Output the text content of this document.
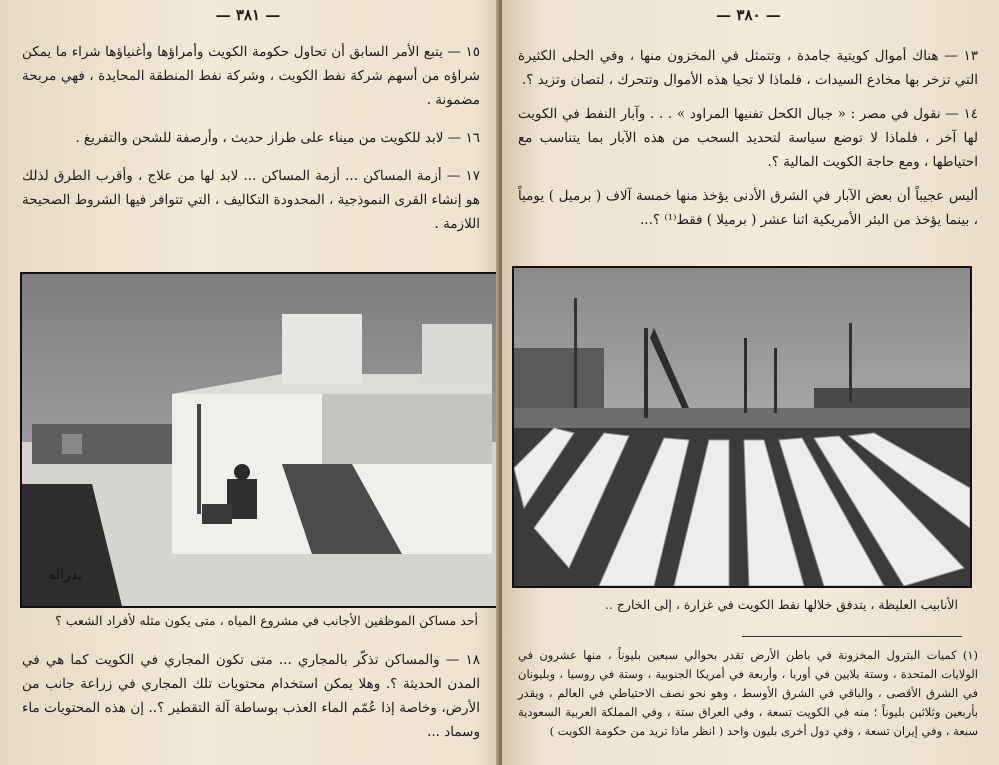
— ٣٨١ —

١٥ — يتبع الأمر السابق أن تحاول حكومة الكويت وأمراؤها وأغنياؤها شراء ما يمكن شراؤه من أسهم شركة نفط الكويت ، وشركة نفط المنطقة المحايدة ، فهي مربحة مضمونة .

١٦ — لابد للكويت من ميناء على طراز حديث ، وأرصفة للشحن والتفريغ .

١٧ — أزمة المساكن ... أزمة المساكن ... لابد لها من علاج ، وأقرب الطرق لذلك هو إنشاء القرى النموذجية ، المحدودة التكاليف ، التي تتوافر فيها الشروط الصحيحة اللازمة .

بدراله
أحد مساكن الموظفين الأجانب في مشروع المياه ، متى يكون مثله لأفراد الشعب ؟

١٨ — والمساكن تذكّر بالمجاري ... متى تكون المجاري في الكويت كما هي في المدن الحديثة ؟. وهلا يمكن استخدام محتويات تلك المجاري في زراعة جانب من الأرض، وخاصة إذا عُمّم الماء العذب بوساطة آلة التقطير ؟.. إن هذه المحتويات ماء وسماد ...

— ٣٨٠ —

١٣ — هناك أموال كويتية جامدة ، وتتمثل في المخزون منها ، وفي الحلى الكثيرة التي تزخر بها مخادع السيدات ، فلماذا لا تحيا هذه الأموال وتتحرك ، لتصان وتزيد ؟.

١٤ — نقول في مصر : « جبال الكحل تفنيها المراود » . . . وآبار النفط في الكويت لها آخر ، فلماذا لا توضع سياسة لتحديد السحب من هذه الآبار بما يتناسب مع احتياطها ، ومع حاجة الكويت المالية ؟.

أليس عجيباً أن بعض الآبار في الشرق الأدنى يؤخذ منها خمسة آلاف ( برميل ) يومياً ، بينما يؤخذ من البئر الأمريكية اثنا عشر ( برميلا ) فقط⁽¹⁾ ؟...

الأنابيب العليظة ، يتدفق خلالها نفط الكويت في غزارة ، إلى الخارج ..

(١) كميات البترول المخزونة في باطن الأرض تقدر بحوالي سبعين بليوناً ، منها عشرون في الولايات المتحدة ، وستة بلايين في أوربا ، وأربعة في أمريكا الجنوبية ، وستة في روسيا ، وبليونان في الشرق الأقصى ، والباقي في الشرق الأوسط ، وهو نحو نصف الاحتياطي في العالم ، ويقدر بأربعين وثلاثين بليوناً ؛ منه في الكويت تسعة ، وفي العراق ستة ، وفي المملكة العربية السعودية سبعة ، وفي إيران تسعة ، وفي دول أخرى بليون واحد ( انظر ماذا تريد من حكومة الكويت )
